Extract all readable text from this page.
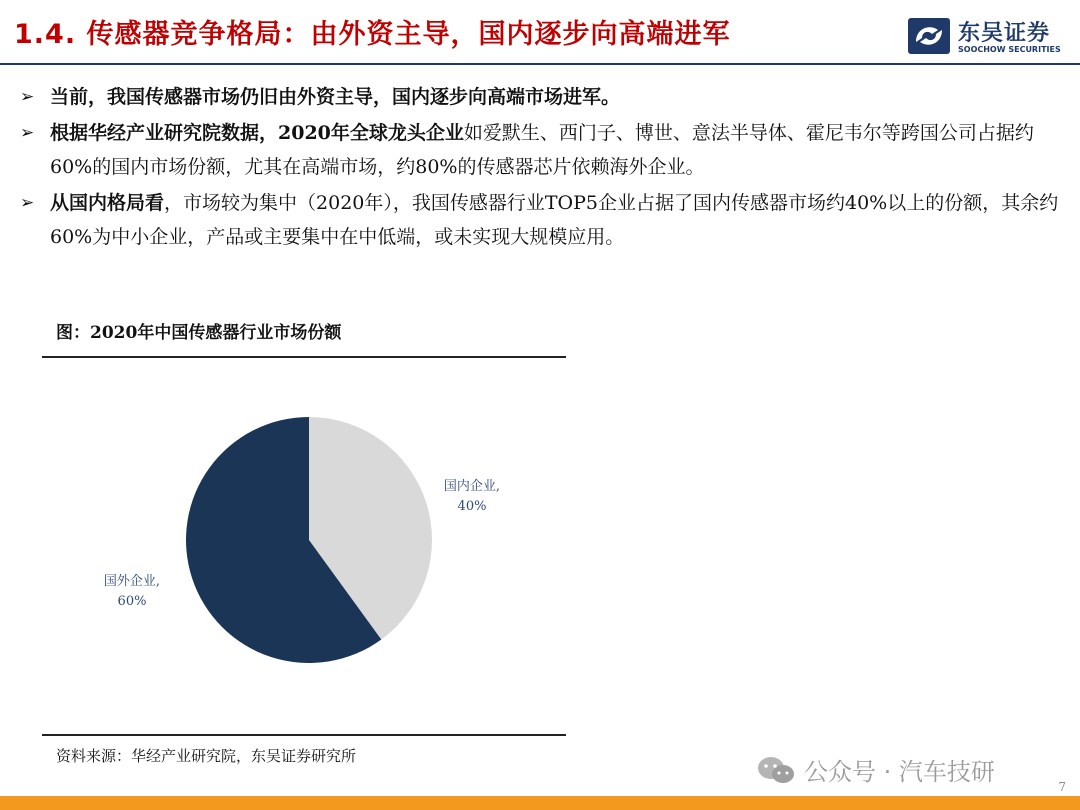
1.4. 传感器竞争格局：由外资主导，国内逐步向高端进军	东吴证券
SOOCHOW SECURITIES
➢ 当前，我国传感器市场仍旧由外资主导，国内逐步向高端市场进军。
➢ 根据华经产业研究院数据，2020年全球龙头企业如爱默生、西门子、博世、意法半导体、霍尼韦尔等跨国公司占据约60%的国内市场份额，尤其在高端市场，约80%的传感器芯片依赖海外企业。
➢ 从国内格局看，市场较为集中（2020年），我国传感器行业TOP5企业占据了国内传感器市场约40%以上的份额，其余约60%为中小企业，产品或主要集中在中低端，或未实现大规模应用。
图：2020年中国传感器行业市场份额
国内企业,
40%
国外企业,
60%
资料来源：华经产业研究院，东吴证券研究所
公众号 · 汽车技研
7
